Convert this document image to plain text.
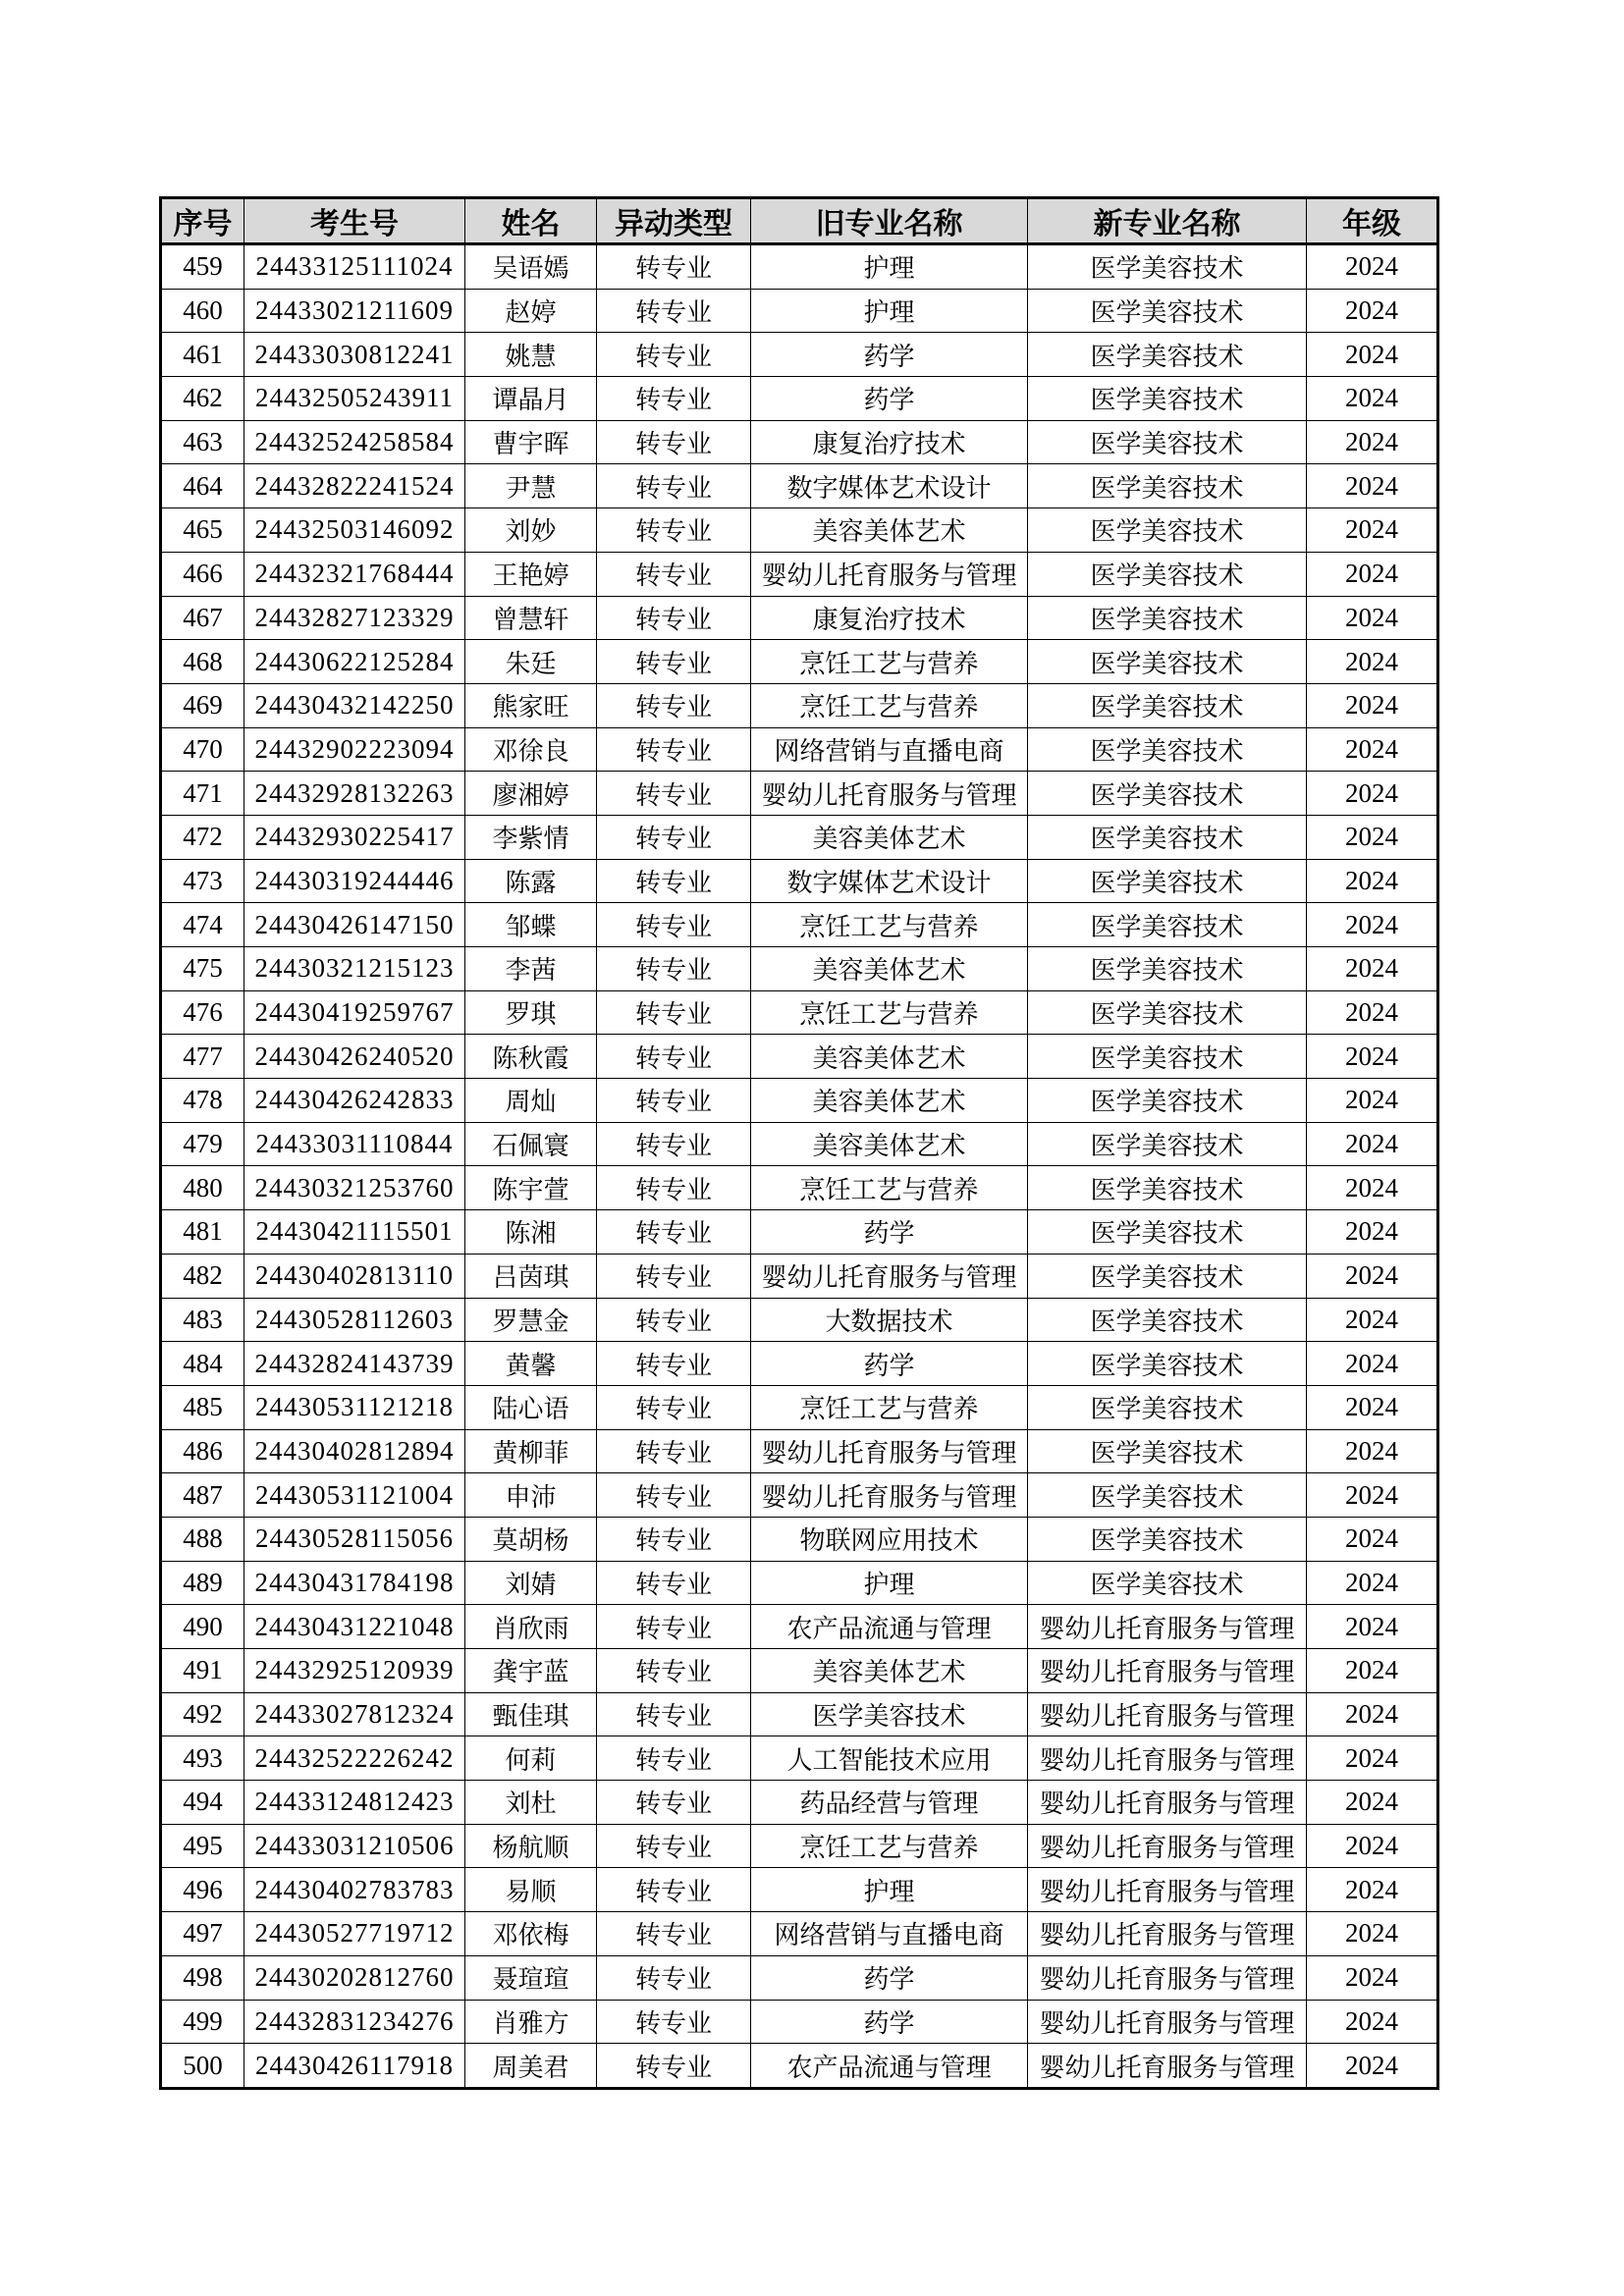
序号	考生号	姓名	异动类型	旧专业名称	新专业名称	年级
459	24433125111024	吴语嫣	转专业	护理	医学美容技术	2024
460	24433021211609	赵婷	转专业	护理	医学美容技术	2024
461	24433030812241	姚慧	转专业	药学	医学美容技术	2024
462	24432505243911	谭晶月	转专业	药学	医学美容技术	2024
463	24432524258584	曹宇晖	转专业	康复治疗技术	医学美容技术	2024
464	24432822241524	尹慧	转专业	数字媒体艺术设计	医学美容技术	2024
465	24432503146092	刘妙	转专业	美容美体艺术	医学美容技术	2024
466	24432321768444	王艳婷	转专业	婴幼儿托育服务与管理	医学美容技术	2024
467	24432827123329	曾慧轩	转专业	康复治疗技术	医学美容技术	2024
468	24430622125284	朱廷	转专业	烹饪工艺与营养	医学美容技术	2024
469	24430432142250	熊家旺	转专业	烹饪工艺与营养	医学美容技术	2024
470	24432902223094	邓徐良	转专业	网络营销与直播电商	医学美容技术	2024
471	24432928132263	廖湘婷	转专业	婴幼儿托育服务与管理	医学美容技术	2024
472	24432930225417	李紫情	转专业	美容美体艺术	医学美容技术	2024
473	24430319244446	陈露	转专业	数字媒体艺术设计	医学美容技术	2024
474	24430426147150	邹蝶	转专业	烹饪工艺与营养	医学美容技术	2024
475	24430321215123	李茜	转专业	美容美体艺术	医学美容技术	2024
476	24430419259767	罗琪	转专业	烹饪工艺与营养	医学美容技术	2024
477	24430426240520	陈秋霞	转专业	美容美体艺术	医学美容技术	2024
478	24430426242833	周灿	转专业	美容美体艺术	医学美容技术	2024
479	24433031110844	石佩寰	转专业	美容美体艺术	医学美容技术	2024
480	24430321253760	陈宇萱	转专业	烹饪工艺与营养	医学美容技术	2024
481	24430421115501	陈湘	转专业	药学	医学美容技术	2024
482	24430402813110	吕茵琪	转专业	婴幼儿托育服务与管理	医学美容技术	2024
483	24430528112603	罗慧金	转专业	大数据技术	医学美容技术	2024
484	24432824143739	黄馨	转专业	药学	医学美容技术	2024
485	24430531121218	陆心语	转专业	烹饪工艺与营养	医学美容技术	2024
486	24430402812894	黄柳菲	转专业	婴幼儿托育服务与管理	医学美容技术	2024
487	24430531121004	申沛	转专业	婴幼儿托育服务与管理	医学美容技术	2024
488	24430528115056	莫胡杨	转专业	物联网应用技术	医学美容技术	2024
489	24430431784198	刘婧	转专业	护理	医学美容技术	2024
490	24430431221048	肖欣雨	转专业	农产品流通与管理	婴幼儿托育服务与管理	2024
491	24432925120939	龚宇蓝	转专业	美容美体艺术	婴幼儿托育服务与管理	2024
492	24433027812324	甄佳琪	转专业	医学美容技术	婴幼儿托育服务与管理	2024
493	24432522226242	何莉	转专业	人工智能技术应用	婴幼儿托育服务与管理	2024
494	24433124812423	刘杜	转专业	药品经营与管理	婴幼儿托育服务与管理	2024
495	24433031210506	杨航顺	转专业	烹饪工艺与营养	婴幼儿托育服务与管理	2024
496	24430402783783	易顺	转专业	护理	婴幼儿托育服务与管理	2024
497	24430527719712	邓依梅	转专业	网络营销与直播电商	婴幼儿托育服务与管理	2024
498	24430202812760	聂瑄瑄	转专业	药学	婴幼儿托育服务与管理	2024
499	24432831234276	肖雅方	转专业	药学	婴幼儿托育服务与管理	2024
500	24430426117918	周美君	转专业	农产品流通与管理	婴幼儿托育服务与管理	2024
